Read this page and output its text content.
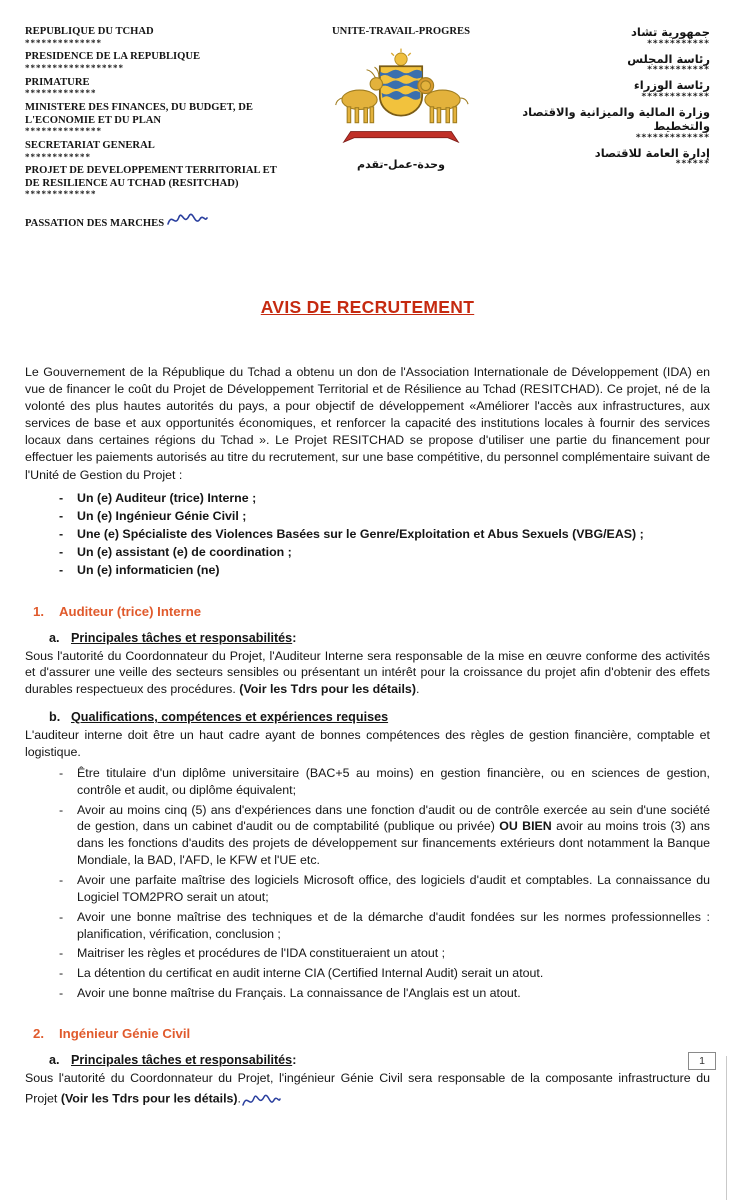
REPUBLIQUE DU TCHAD
**************
PRESIDENCE DE LA REPUBLIQUE
******************
PRIMATURE
*************
MINISTERE DES FINANCES, DU BUDGET, DE L'ECONOMIE ET DU PLAN
**************
SECRETARIAT GENERAL
************
PROJET DE DEVELOPPEMENT TERRITORIAL ET DE RESILIENCE AU TCHAD (RESITCHAD)
*************
PASSATION DES MARCHES
UNITE-TRAVAIL-PROGRES
وحدة-عمل-تقدم
جمهورية تشاد
***********
رئاسة المجلس
***********
رئاسة الوزراء
************
وزارة المالية والميزانية والاقتصاد والتخطيط
*************
إدارة العامة للاقتصاد
******
AVIS DE RECRUTEMENT

Le Gouvernement de la République du Tchad a obtenu un don de l'Association Internationale de Développement (IDA) en vue de financer le coût du Projet de Développement Territorial et de Résilience au Tchad (RESITCHAD). Ce projet, né de la volonté des plus hautes autorités du pays, a pour objectif de développement «Améliorer l'accès aux infrastructures, aux services de base et aux opportunités économiques, et renforcer la capacité des institutions locales à fournir des services locaux dans certaines régions du Tchad ». Le Projet RESITCHAD se propose d'utiliser une partie du financement pour effectuer les paiements autorisés au titre du recrutement, sur une base compétitive, du personnel complémentaire suivant de l'Unité de Gestion du Projet :

-	Un (e) Auditeur (trice) Interne ;
-	Un (e) Ingénieur Génie Civil ;
-	Une (e) Spécialiste des Violences Basées sur le Genre/Exploitation et Abus Sexuels (VBG/EAS) ;
-	Un (e) assistant (e) de coordination ;
-	Un (e) informaticien (ne)
1.	Auditeur (trice) Interne
a. Principales tâches et responsabilités:

Sous l'autorité du Coordonnateur du Projet, l'Auditeur Interne sera responsable de la mise en œuvre conforme des activités et d'assurer une veille des secteurs sensibles ou présentant un intérêt pour la croissance du projet afin d'obtenir des effets durables respectueux des procédures. (Voir les Tdrs pour les détails).

b. Qualifications, compétences et expériences requises

L'auditeur interne doit être un haut cadre ayant de bonnes compétences des règles de gestion financière, comptable et logistique.

-	Être titulaire d'un diplôme universitaire (BAC+5 au moins) en gestion financière, ou en sciences de gestion, contrôle et audit, ou diplôme équivalent;
-	Avoir au moins cinq (5) ans d'expériences dans une fonction d'audit ou de contrôle exercée au sein d'une société de gestion, dans un cabinet d'audit ou de comptabilité (publique ou privée) OU BIEN avoir au moins trois (3) ans dans les fonctions d'audits des projets de développement sur financements extérieurs dont notamment la Banque Mondiale, la BAD, l'AFD, le KFW et l'UE etc.
-	Avoir une parfaite maîtrise des logiciels Microsoft office, des logiciels d'audit et comptables. La connaissance du Logiciel TOM2PRO serait un atout;
-	Avoir une bonne maîtrise des techniques et de la démarche d'audit fondées sur les normes professionnelles : planification, vérification, conclusion ;
-	Maitriser les règles et procédures de l'IDA constitueraient un atout ;
-	La détention du certificat en audit interne CIA (Certified Internal Audit) serait un atout.
-	Avoir une bonne maîtrise du Français. La connaissance de l'Anglais est un atout.
2.	Ingénieur Génie Civil
a. Principales tâches et responsabilités:

Sous l'autorité du Coordonnateur du Projet, l'ingénieur Génie Civil sera responsable de la composante infrastructure du Projet (Voir les Tdrs pour les détails).

1
